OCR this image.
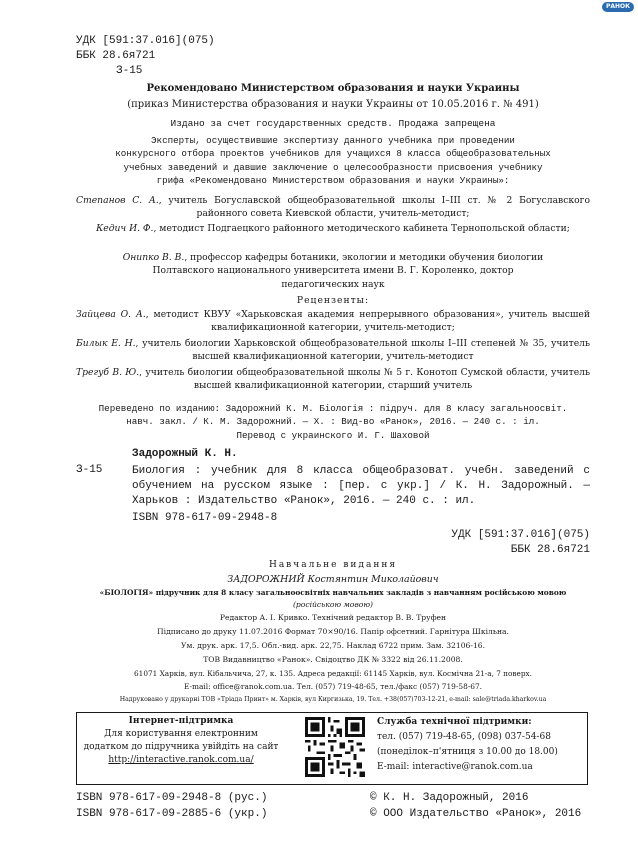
РАНОК
УДК [591:37.016](075)
ББК 28.6я721
З-15
Рекомендовано Министерством образования и науки Украины
(приказ Министерства образования и науки Украины от 10.05.2016 г. № 491)
Издано за счет государственных средств. Продажа запрещена
Эксперты, осуществившие экспертизу данного учебника при проведении
конкурсного отбора проектов учебников для учащихся 8 класса общеобразовательных
учебных заведений и давшие заключение о целесообразности присвоения учебнику
грифа «Рекомендовано Министерством образования и науки Украины»:
Степанов С. А., учитель Богуславской общеобразовательной школы I–III ст. № 2 Богуславского районного совета Киевской области, учитель-методист;
Кедич И. Ф., методист Подгаецкого районного методического кабинета Тернопольской области;
Онипко В. В., профессор кафедры ботаники, экологии и методики обучения биологии Полтавского национального университета имени В. Г. Короленко, доктор педагогических наук
Рецензенты:
Зайцева О. А., методист КВУУ «Харьковская академия непрерывного образования», учитель высшей квалификационной категории, учитель-методист;
Билык Е. Н., учитель биологии Харьковской общеобразовательной школы I–III степеней № 35, учитель высшей квалификационной категории, учитель-методист
Трегуб В. Ю., учитель биологии общеобразовательной школы № 5 г. Конотоп Сумской области, учитель высшей квалификационной категории, старший учитель
Переведено по изданию: Задорожний К. М. Біологія : підруч. для 8 класу загальноосвіт.
навч. закл. / К. М. Задорожний. — Х. : Вид-во «Ранок», 2016. — 240 с. : іл.
Перевод с украинского И. Г. Шаховой
Задорожный К. Н.
З-15	Биология : учебник для 8 класса общеобразоват. учебн. заведений с обучением на русском языке : [пер. с укр.] / К. Н. Задорожный. — Харьков : Издательство «Ранок», 2016. — 240 с. : ил.
ISBN 978-617-09-2948-8
УДК [591:37.016](075)
ББК 28.6я721
Навчальне видання
ЗАДОРОЖНИЙ Костянтин Миколайович
«БІОЛОГІЯ» підручник для 8 класу загальноосвітніх навчальних закладів з навчанням російською мовою
(російською мовою)
Редактор А. І. Кривко. Технічний редактор В. В. Труфен
Підписано до друку 11.07.2016 Формат 70×90/16. Папір офсетний. Гарнітура Шкільна.
Ум. друк. арк. 17,5. Обл.-вид. арк. 22,75. Наклад 6722 прим. Зам. 32106-16.
ТОВ Видавництво «Ранок». Свідоцтво ДК № 3322 від 26.11.2008.
61071 Харків, вул. Кібальчича, 27, к. 135. Адреса редакції: 61145 Харків, вул. Космічна 21-а, 7 поверх.
E-mail: office@ranok.com.ua. Тел. (057) 719-48-65, тел./факс (057) 719-58-67.
Надруковано у друкарні ТОВ «Тріада Принт» м. Харків, вул Киргизька, 19. Тел. +38(057)703-12-21, e-mail: sale@triada.kharkov.ua
Інтернет-підтримка
Для користування електронним
додатком до підручника увійдіть на сайт
http://interactive.ranok.com.ua/
Служба технічної підтримки:
тел. (057) 719-48-65, (098) 037-54-68
(понеділок–п'ятниця з 10.00 до 18.00)
E-mail: interactive@ranok.com.ua
ISBN 978-617-09-2948-8 (рус.)
ISBN 978-617-09-2885-6 (укр.)
© К. Н. Задорожный, 2016
© ООО Издательство «Ранок», 2016
